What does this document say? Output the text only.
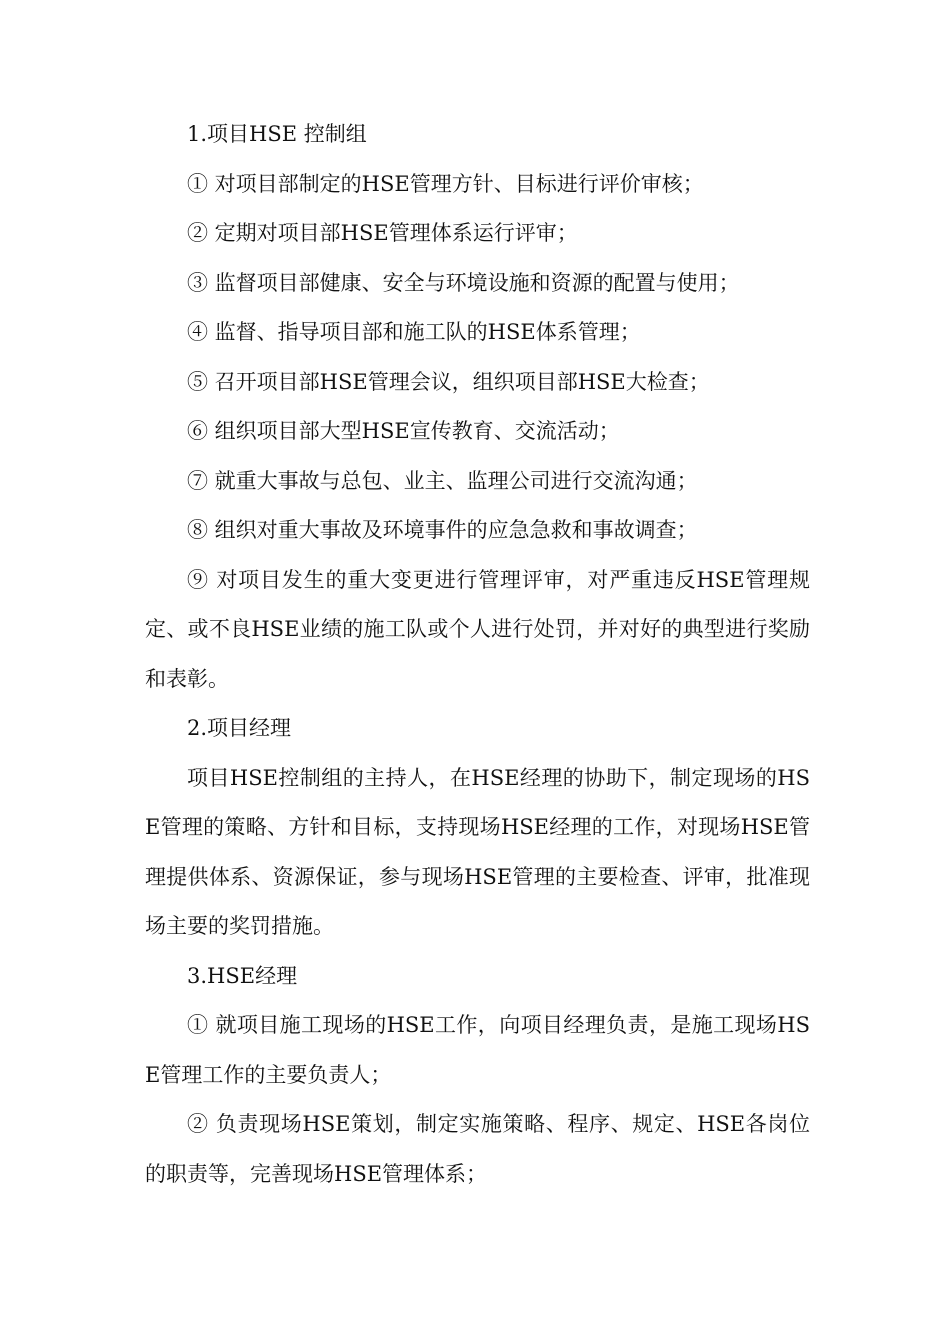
1.项目HSE 控制组

① 对项目部制定的HSE管理方针、目标进行评价审核；

② 定期对项目部HSE管理体系运行评审；

③ 监督项目部健康、安全与环境设施和资源的配置与使用；

④ 监督、指导项目部和施工队的HSE体系管理；

⑤ 召开项目部HSE管理会议，组织项目部HSE大检查；

⑥ 组织项目部大型HSE宣传教育、交流活动；

⑦ 就重大事故与总包、业主、监理公司进行交流沟通；

⑧ 组织对重大事故及环境事件的应急急救和事故调查；

⑨ 对项目发生的重大变更进行管理评审，对严重违反HSE管理规定、或不良HSE业绩的施工队或个人进行处罚，并对好的典型进行奖励和表彰。

2.项目经理

项目HSE控制组的主持人，在HSE经理的协助下，制定现场的HSE管理的策略、方针和目标，支持现场HSE经理的工作，对现场HSE管理提供体系、资源保证，参与现场HSE管理的主要检查、评审，批准现场主要的奖罚措施。

3.HSE经理

① 就项目施工现场的HSE工作，向项目经理负责，是施工现场HSE管理工作的主要负责人；

② 负责现场HSE策划，制定实施策略、程序、规定、HSE各岗位的职责等，完善现场HSE管理体系；
